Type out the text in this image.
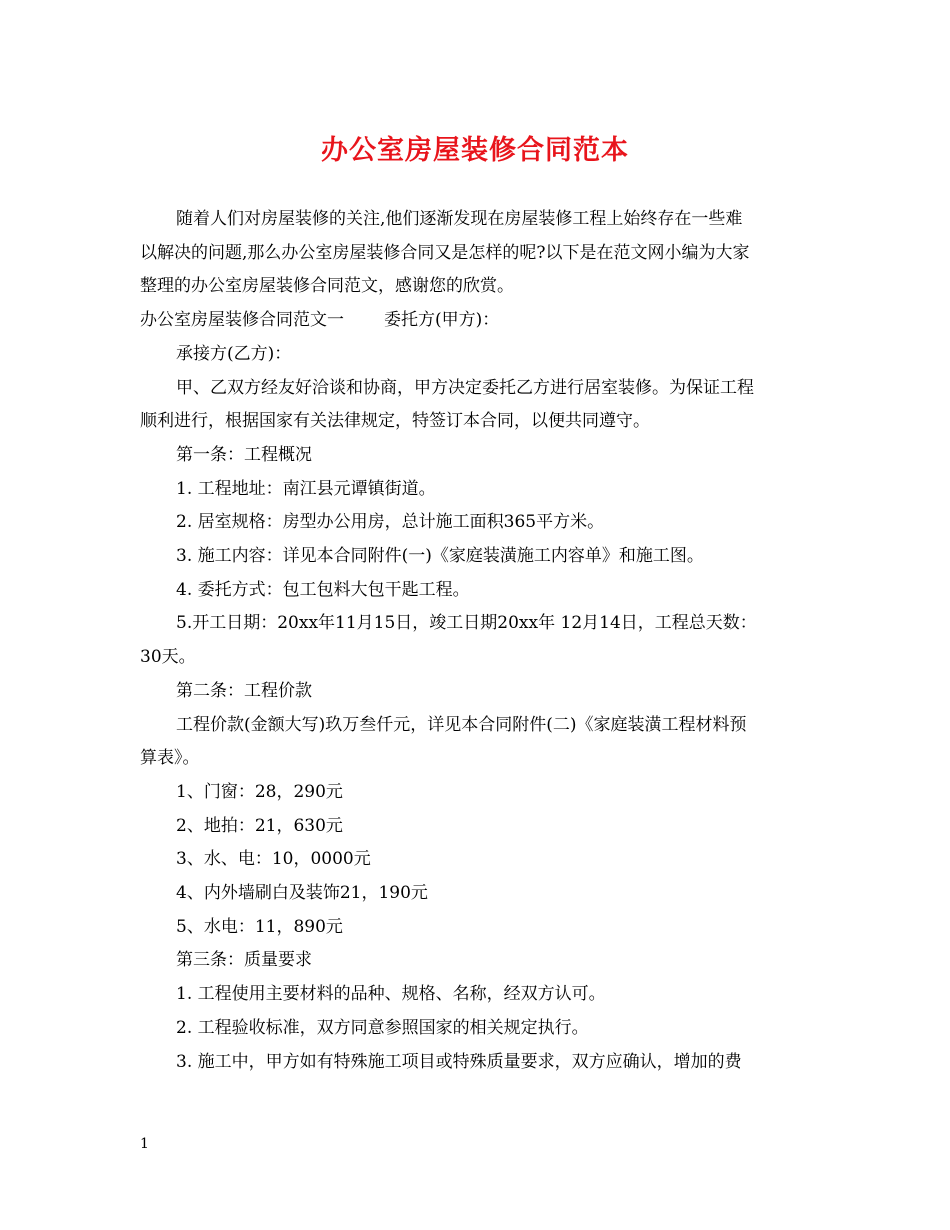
办公室房屋装修合同范本

随着人们对房屋装修的关注,他们逐渐发现在房屋装修工程上始终存在一些难

以解决的问题,那么办公室房屋装修合同又是怎样的呢?以下是在范文网小编为大家

整理的办公室房屋装修合同范文，感谢您的欣赏。

办公室房屋装修合同范文一 委托方(甲方)：

承接方(乙方)：

甲、乙双方经友好洽谈和协商，甲方决定委托乙方进行居室装修。为保证工程

顺利进行，根据国家有关法律规定，特签订本合同，以便共同遵守。

第一条：工程概况

1. 工程地址：南江县元谭镇街道。

2. 居室规格：房型办公用房，总计施工面积365平方米。

3. 施工内容：详见本合同附件(一)《家庭装潢施工内容单》和施工图。

4. 委托方式：包工包料大包干匙工程。

5.开工日期：20xx年11月15日，竣工日期20xx年 12月14日，工程总天数：

30天。

第二条：工程价款

工程价款(金额大写)玖万叁仟元，详见本合同附件(二)《家庭装潢工程材料预

算表》。

1、门窗：28，290元

2、地拍：21，630元

3、水、电：10，0000元

4、内外墙刷白及装饰21，190元

5、水电：11，890元

第三条：质量要求

1. 工程使用主要材料的品种、规格、名称，经双方认可。

2. 工程验收标准，双方同意参照国家的相关规定执行。

3. 施工中，甲方如有特殊施工项目或特殊质量要求，双方应确认，增加的费

1
